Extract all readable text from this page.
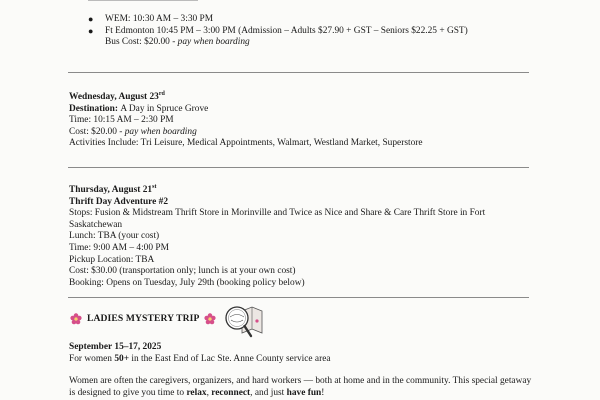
● WEM: 10:30 AM – 3:30 PM
● Ft Edmonton 10:45 PM – 3:00 PM (Admission – Adults $27.90 + GST – Seniors $22.25 + GST)
Bus Cost: $20.00 - pay when boarding
Wednesday, August 23rd
Destination: A Day in Spruce Grove
Time: 10:15 AM – 2:30 PM
Cost: $20.00 - pay when boarding
Activities Include: Tri Leisure, Medical Appointments, Walmart, Westland Market, Superstore
Thursday, August 21st
Thrift Day Adventure #2
Stops: Fusion & Midstream Thrift Store in Morinville and Twice as Nice and Share & Care Thrift Store in Fort Saskatchewan
Lunch: TBA (your cost)
Time: 9:00 AM – 4:00 PM
Pickup Location: TBA
Cost: $30.00 (transportation only; lunch is at your own cost)
Booking: Opens on Tuesday, July 29th (booking policy below)
LADIES MYSTERY TRIP
September 15–17, 2025
For women 50+ in the East End of Lac Ste. Anne County service area
Women are often the caregivers, organizers, and hard workers — both at home and in the community. This special getaway is designed to give you time to relax, reconnect, and just have fun!
